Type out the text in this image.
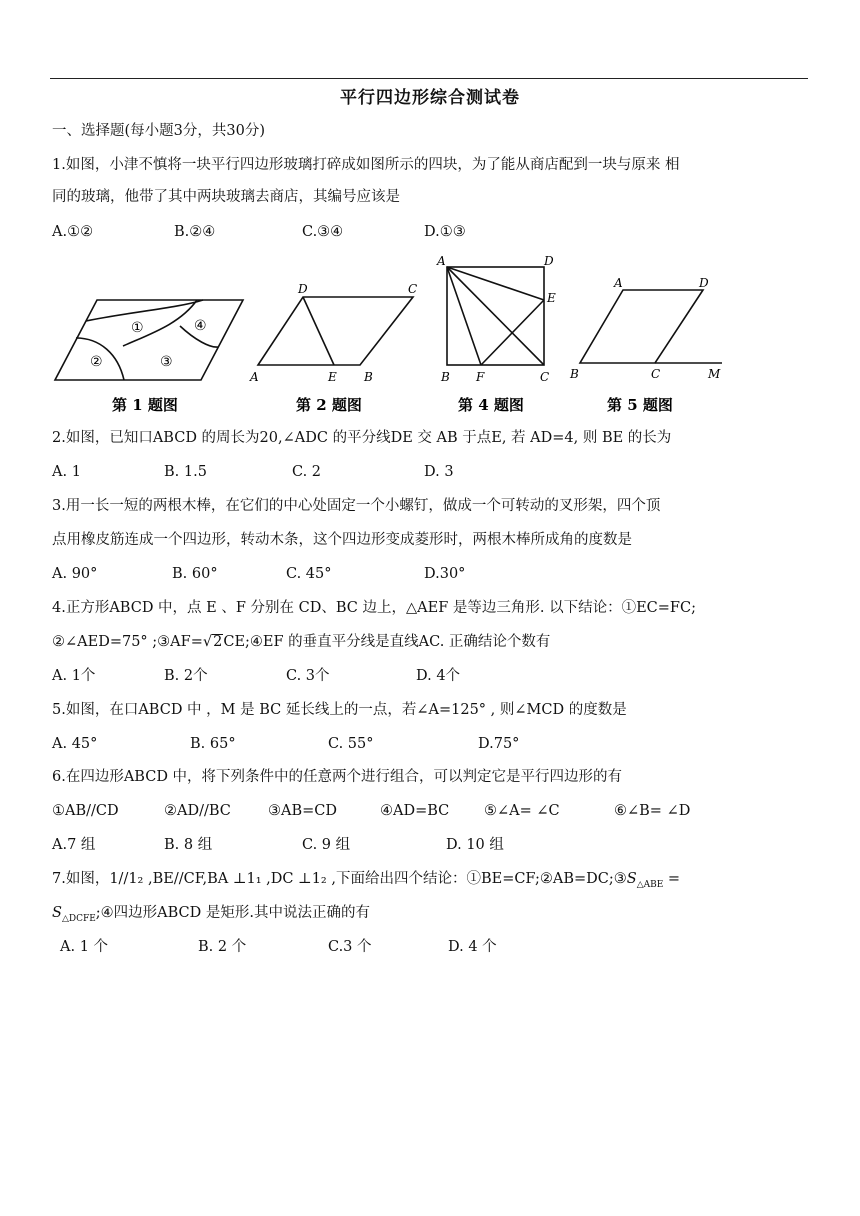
平行四边形综合测试卷
一、选择题(每小题3分，共30分)
1.如图，小津不慎将一块平行四边形玻璃打碎成如图所示的四块，为了能从商店配到一块与原来 相
同的玻璃，他带了其中两块玻璃去商店，其编号应该是
A.①②	B.②④	C.③④	D.①③
①
②	③
④
第 1 题图
A	B
C
D
E
第 2 题图
A
B	C
D
E
F
第 4 题图
A
B	C
D
M
第 5 题图
2.如图，已知口ABCD 的周长为20,∠ADC 的平分线DE 交 AB 于点E, 若 AD=4, 则 BE 的长为
A. 1	B. 1.5	C. 2	D. 3
3.用一长一短的两根木棒，在它们的中心处固定一个小螺钉，做成一个可转动的叉形架，四个顶
点用橡皮筋连成一个四边形，转动木条，这个四边形变成菱形时，两根木棒所成角的度数是
A. 90°	B. 60°	C. 45°	D.30°
4.正方形ABCD 中，点 E 、F 分别在 CD、BC 边上，△AEF 是等边三角形. 以下结论：①EC=FC;
②∠AED=75° ;③AF=√2CE;④EF 的垂直平分线是直线AC. 正确结论个数有
A. 1个	B. 2个	C. 3个	D. 4个
5.如图，在口ABCD 中 ，M 是 BC 延长线上的一点，若∠A=125° , 则∠MCD 的度数是
A. 45°	B. 65°	C. 55°	D.75°
6.在四边形ABCD 中，将下列条件中的任意两个进行组合，可以判定它是平行四边形的有
①AB//CD	②AD//BC	③AB=CD	④AD=BC ⑤∠A= ∠C	⑥∠B= ∠D
A.7 组	B. 8 组	C. 9 组	D. 10 组
7.如图，1//1₂ ,BE//CF,BA ⊥1₁ ,DC ⊥1₂ ,下面给出四个结论：$①BE=CF;②AB=DC;③S_{\triangle ABE}$ =
$S_{\triangle DCFE};④$四边形ABCD 是矩形.其中说法正确的有
A. 1 个	B. 2 个	C.3 个	D. 4 个
